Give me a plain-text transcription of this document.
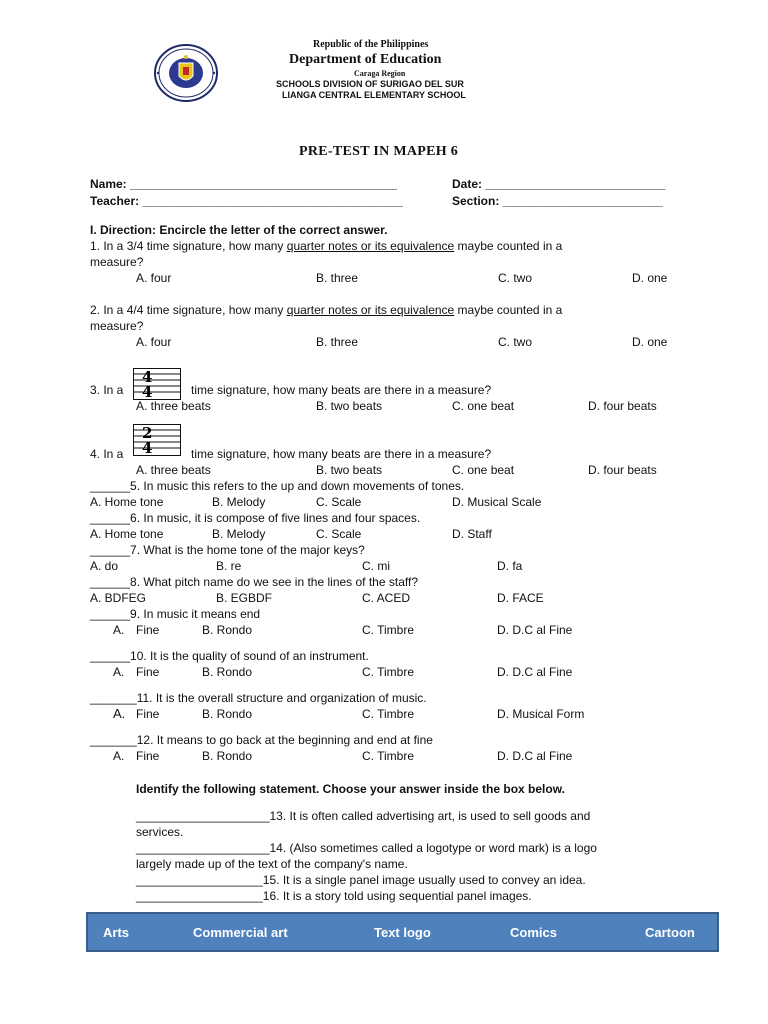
Republic of the Philippines
Department of Education
Caraga Region
SCHOOLS DIVISION OF SURIGAO DEL SUR
LIANGA CENTRAL ELEMENTARY SCHOOL
PRE-TEST IN MAPEH 6
Name: ________________________________________	Date: ___________________________
Teacher: _______________________________________	Section: ________________________
I. Direction: Encircle the letter of the correct answer.
1. In a 3/4 time signature, how many quarter notes or its equivalence maybe counted in a
measure?
A. four	B. three	C. two	D. one
2. In a 4/4 time signature, how many quarter notes or its equivalence maybe counted in a
measure?
A. four	B. three	C. two	D. one
4
4
3. In a	time signature, how many beats are there in a measure?
A. three beats	B. two beats	C. one beat	D. four beats
2
4
4. In a	time signature, how many beats are there in a measure?
A. three beats	B. two beats	C. one beat	D. four beats
______5. In music this refers to the up and down movements of tones.
A. Home tone	B. Melody	C. Scale	D. Musical Scale
______6. In music, it is compose of five lines and four spaces.
A. Home tone	B. Melody	C. Scale	D. Staff
______7. What is the home tone of the major keys?
A. do	B. re	C. mi	D. fa
______8. What pitch name do we see in the lines of the staff?
A. BDFEG	B. EGBDF	C. ACED	D. FACE
______9. In music it means end
A. Fine	B. Rondo	C. Timbre	D. D.C al Fine
______10. It is the quality of sound of an instrument.
A. Fine	B. Rondo	C. Timbre	D. D.C al Fine
_______11. It is the overall structure and organization of music.
A. Fine	B. Rondo	C. Timbre	D. Musical Form
_______12. It means to go back at the beginning and end at fine
A. Fine	B. Rondo	C. Timbre	D. D.C al Fine
Identify the following statement. Choose your answer inside the box below.
____________________13. It is often called advertising art, is used to sell goods and
services.
____________________14. (Also sometimes called a logotype or word mark) is a logo
largely made up of the text of the company's name.
___________________15. It is a single panel image usually used to convey an idea.
___________________16. It is a story told using sequential panel images.
Arts	Commercial art	Text logo	Comics	Cartoon
